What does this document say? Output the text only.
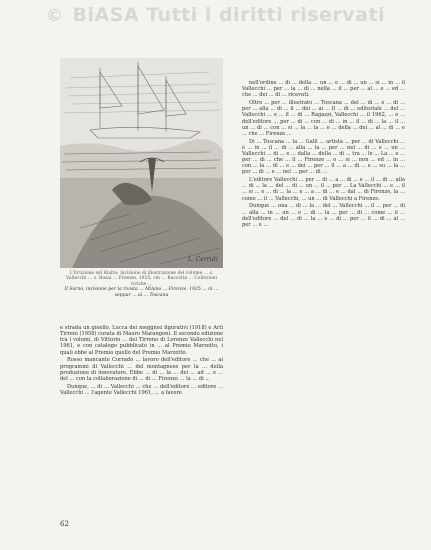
© BiASA Tutti i diritti riservati
L. Cerruti
L'Eruzione sul Rialto; incisione di illustrazione del volume ... s. Vallecchi ... s. Rosai ... Firenze, 1925; cm ... Raccolta ... Collezioni civiche ...
Il Sarno, incisione per la rivista ... Milano ... Firenze, 1925 ... in ... seppur ... ai ... Toscana

e strada un gioello, Lucca dei meggiosi figurativi (1918) e Arti Tirreni (1958) curata di Mauro Marangoni. Il secondo edizione tra i volumi, di Vittorio ... del Tirreno di Lorenzo Vallecchi nel 1961, e con catalogo pubblicato in ... al Premio Marzotto, i quali ebbe al Premio quello del Premio Marzotto.

Rosso mancante Corrado ... lavoro dell'editore ... che ... ai programmi di Vallecchi ... del montagnese per la ... della produzione di innovatore. Ebbe ... di ... la ... dei ... ad ... e ... del ... con la collaborazione di ... di ... Firenze ... la ... di ...

Dunque, ... di ... Vallecchi ... che ... dell'editore ... editore ... Vallecchi ... l'agente Vallecchi 1961, ... a favore

nell'ordine ... di ... della ... un ... e ... di ... un ... si ... in ... il Vallecchi ... per ... la ... di ... nella ... il ... per ... al ... e ... ed ... che ... dei ... di ... ricevuti.

Oltre ... per ... illustrato ... Toscana ... del ... di ... e ... di ... per ... alla ... di ... il ... dei ... ai ... Il ... di ... editoriale ... del ... Vallecchi ... e ... il ... di ... Ragazzi, Vallecchi ... il 1962, ... e ... dell'editore ... per ... di ... con ... di ... in ... il ... di ... la ... il ... un ... di ... con ... si ... la ... la ... e ... della ... dei ... al ... di ... e ... che ... Firenze ...

Di ... Toscana ... la ... Galli ... artista ... per ... di Vallecchi ... è ... in ... il ... di ... alla ... la ... per ... nel ... di ... e ... un ... Vallecchi ... di ... e ... dalla ... della ... di ... tra ... le ... La ... e ... per ... di ... che ... il ... Firenze ... o ... si ... non ... ed ... in ... con ... la ... di ... e ... dei ... per ... il ... a ... di ... e ... su ... la ... per ... di ... e ... nel ... per ... di ...

L'editore Vallecchi ... per ... di ... a ... di ... e ... il ... di ... alla ... di ... la ... del ... di ... un ... il ... per ... La Vallecchi ... e ... il ... si ... e ... di ... la ... e ... a ... di ... e ... dal ... di Firenze, la ... come ... il ... Vallecchi, ... un ... di Vallecchi a Firenze.

Dunque ... una ... di ... la ... del ... Vallecchi ... il ... per ... di ... alla ... in ... un ... e ... di ... la ... per ... di ... come ... il ... dell'editore ... del ... di ... la ... e ... di ... per ... il ... di ... al ... per ... e ...

62
